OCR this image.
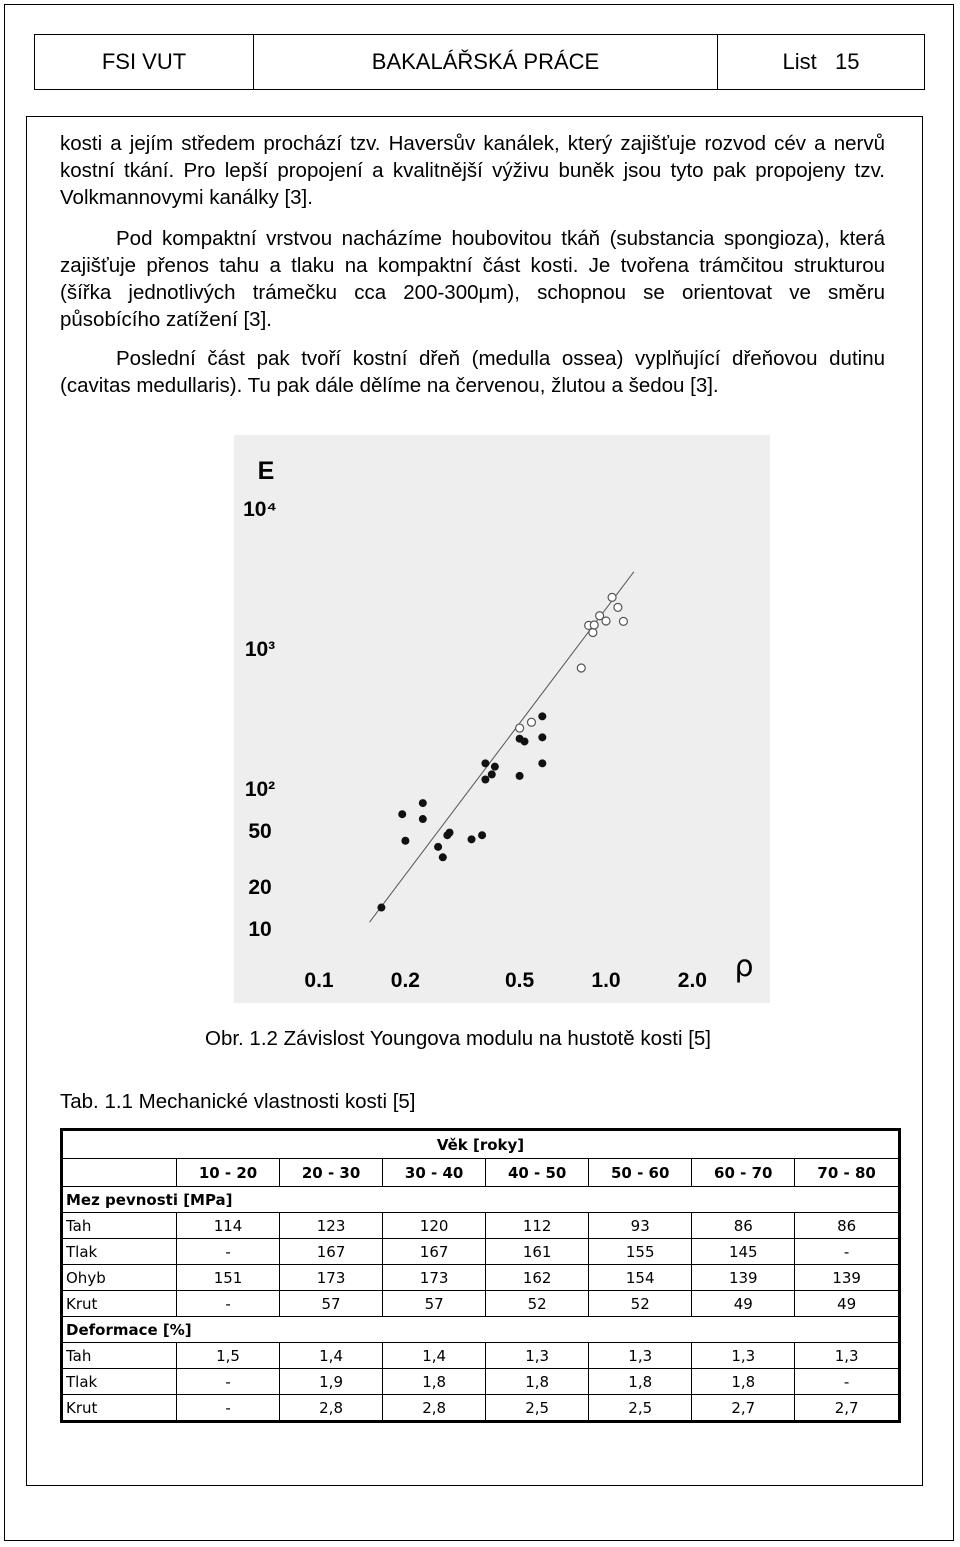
FSI VUT	BAKALÁŘSKÁ PRÁCE	List   15

kosti a jejím středem prochází tzv. Haversův kanálek, který zajišťuje rozvod cév a nervů kostní tkání. Pro lepší propojení a kvalitnější výživu buněk jsou tyto pak propojeny tzv. Volkmannovymi kanálky [3].

Pod kompaktní vrstvou nacházíme houbovitou tkáň (substancia spongioza), která zajišťuje přenos tahu a tlaku na kompaktní část kosti. Je tvořena trámčitou strukturou (šířka jednotlivých trámečku cca 200-300μm), schopnou se orientovat ve směru působícího zatížení [3].

Poslední část pak tvoří kostní dřeň (medulla ossea) vyplňující dřeňovou dutinu (cavitas medullaris). Tu pak dále dělíme na červenou, žlutou a šedou [3].

E
ρ
10⁴
10³
10²
50
20
10
0.1	0.2	0.5	1.0	2.0
Obr. 1.2 Závislost Youngova modulu na hustotě kosti [5]
Tab. 1.1 Mechanické vlastnosti kosti [5]
Věk [roky]							
	10 - 20	20 - 30	30 - 40	40 - 50	50 - 60	60 - 70	70 - 80
Mez pevnosti [MPa]							
Tah	114	123	120	112	93	86	86
Tlak	-	167	167	161	155	145	-
Ohyb	151	173	173	162	154	139	139
Krut	-	57	57	52	52	49	49
Deformace [%]							
Tah	1,5	1,4	1,4	1,3	1,3	1,3	1,3
Tlak	-	1,9	1,8	1,8	1,8	1,8	-
Krut	-	2,8	2,8	2,5	2,5	2,7	2,7
